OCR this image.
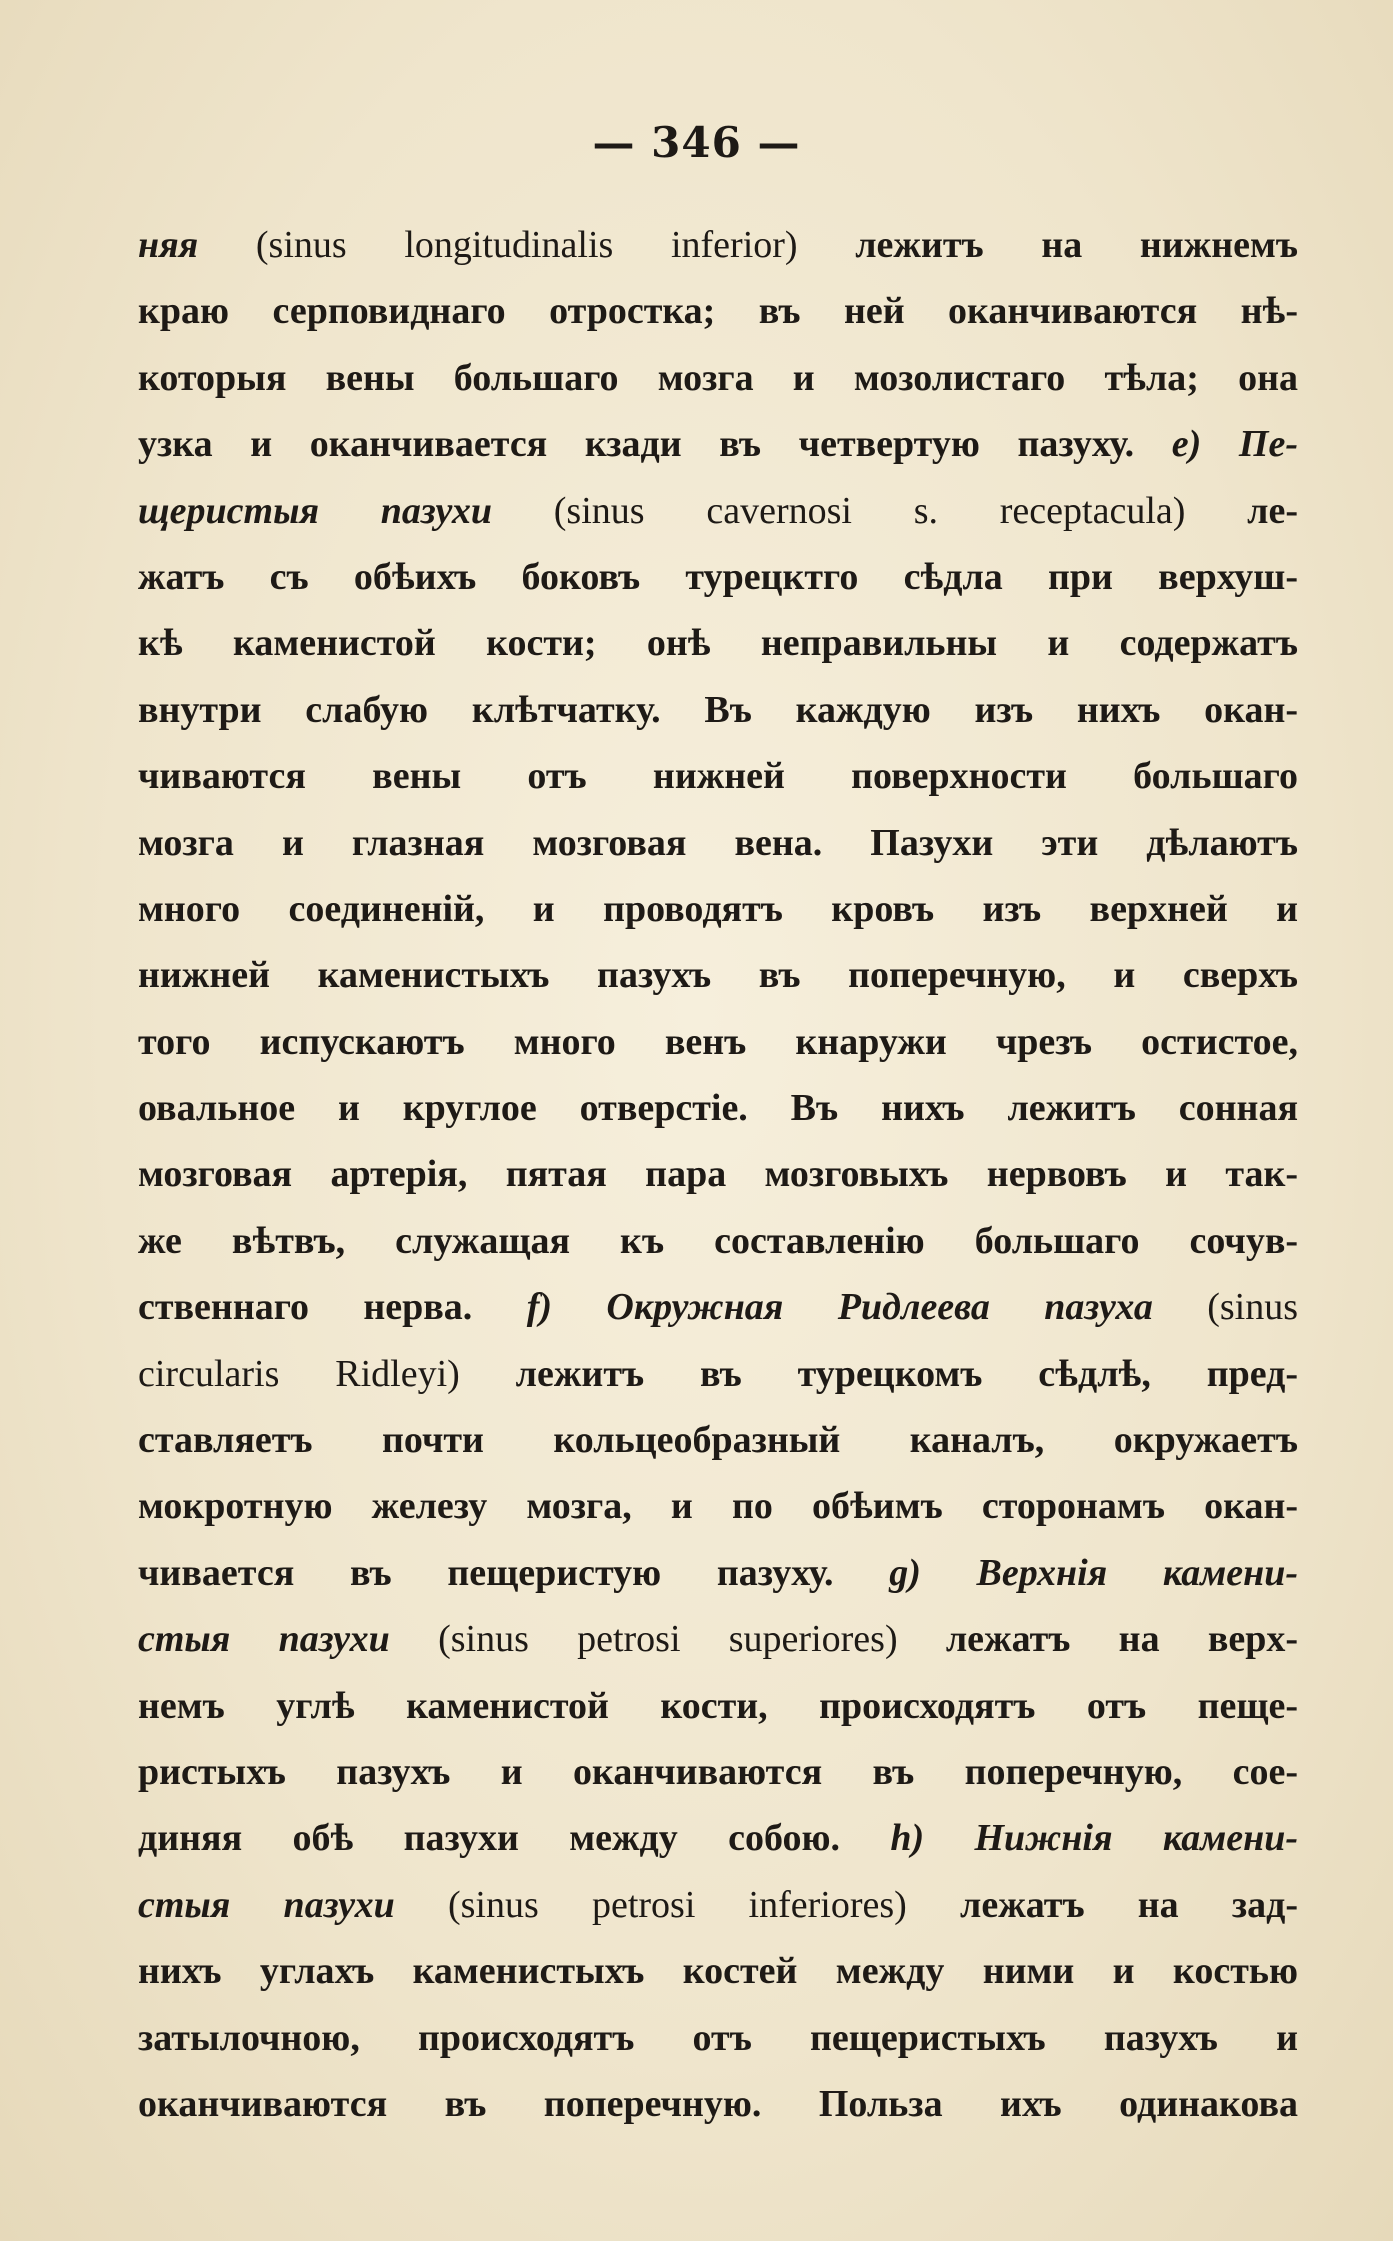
— 346 —
няя (sinus longitudinalis inferior) лежитъ на нижнемъ
краю серповиднаго отростка; въ ней оканчиваются нѣ-
которыя вены большаго мозга и мозолистаго тѣла; она
узка и оканчивается кзади въ четвертую пазуху. e) Пе-
щеристыя пазухи (sinus cavernosi s. receptacula) ле-
жатъ съ обѣихъ боковъ турецктго сѣдла при верхуш-
кѣ каменистой кости; онѣ неправильны и содержатъ
внутри слабую клѣтчатку. Въ каждую изъ нихъ окан-
чиваются вены отъ нижней поверхности большаго
мозга и глазная мозговая вена. Пазухи эти дѣлаютъ
много соединенiй, и проводятъ кровъ изъ верхней и
нижней каменистыхъ пазухъ въ поперечную, и сверхъ
того испускаютъ много венъ кнаружи чрезъ остистое,
овальное и круглое отверстiе. Въ нихъ лежитъ сонная
мозговая артерiя, пятая пара мозговыхъ нервовъ и так-
же вѣтвъ, служащая къ составленiю большаго сочув-
ственнаго нерва. f) Окружная Ридлеева пазуха (sinus
circularis Ridleyi) лежитъ въ турецкомъ сѣдлѣ, пред-
ставляетъ почти кольцеобразный каналъ, окружаетъ
мокротную железу мозга, и по обѣимъ сторонамъ окан-
чивается въ пещеристую пазуху. g) Верхнiя камени-
стыя пазухи (sinus petrosi superiores) лежатъ на верх-
немъ углѣ каменистой кости, происходятъ отъ пеще-
ристыхъ пазухъ и оканчиваются въ поперечную, сое-
диняя обѣ пазухи между собою. h) Нижнiя камени-
стыя пазухи (sinus petrosi inferiores) лежатъ на зад-
нихъ углахъ каменистыхъ костей между ними и костью
затылочною, происходятъ отъ пещеристыхъ пазухъ и
оканчиваются въ поперечную. Польза ихъ одинакова
